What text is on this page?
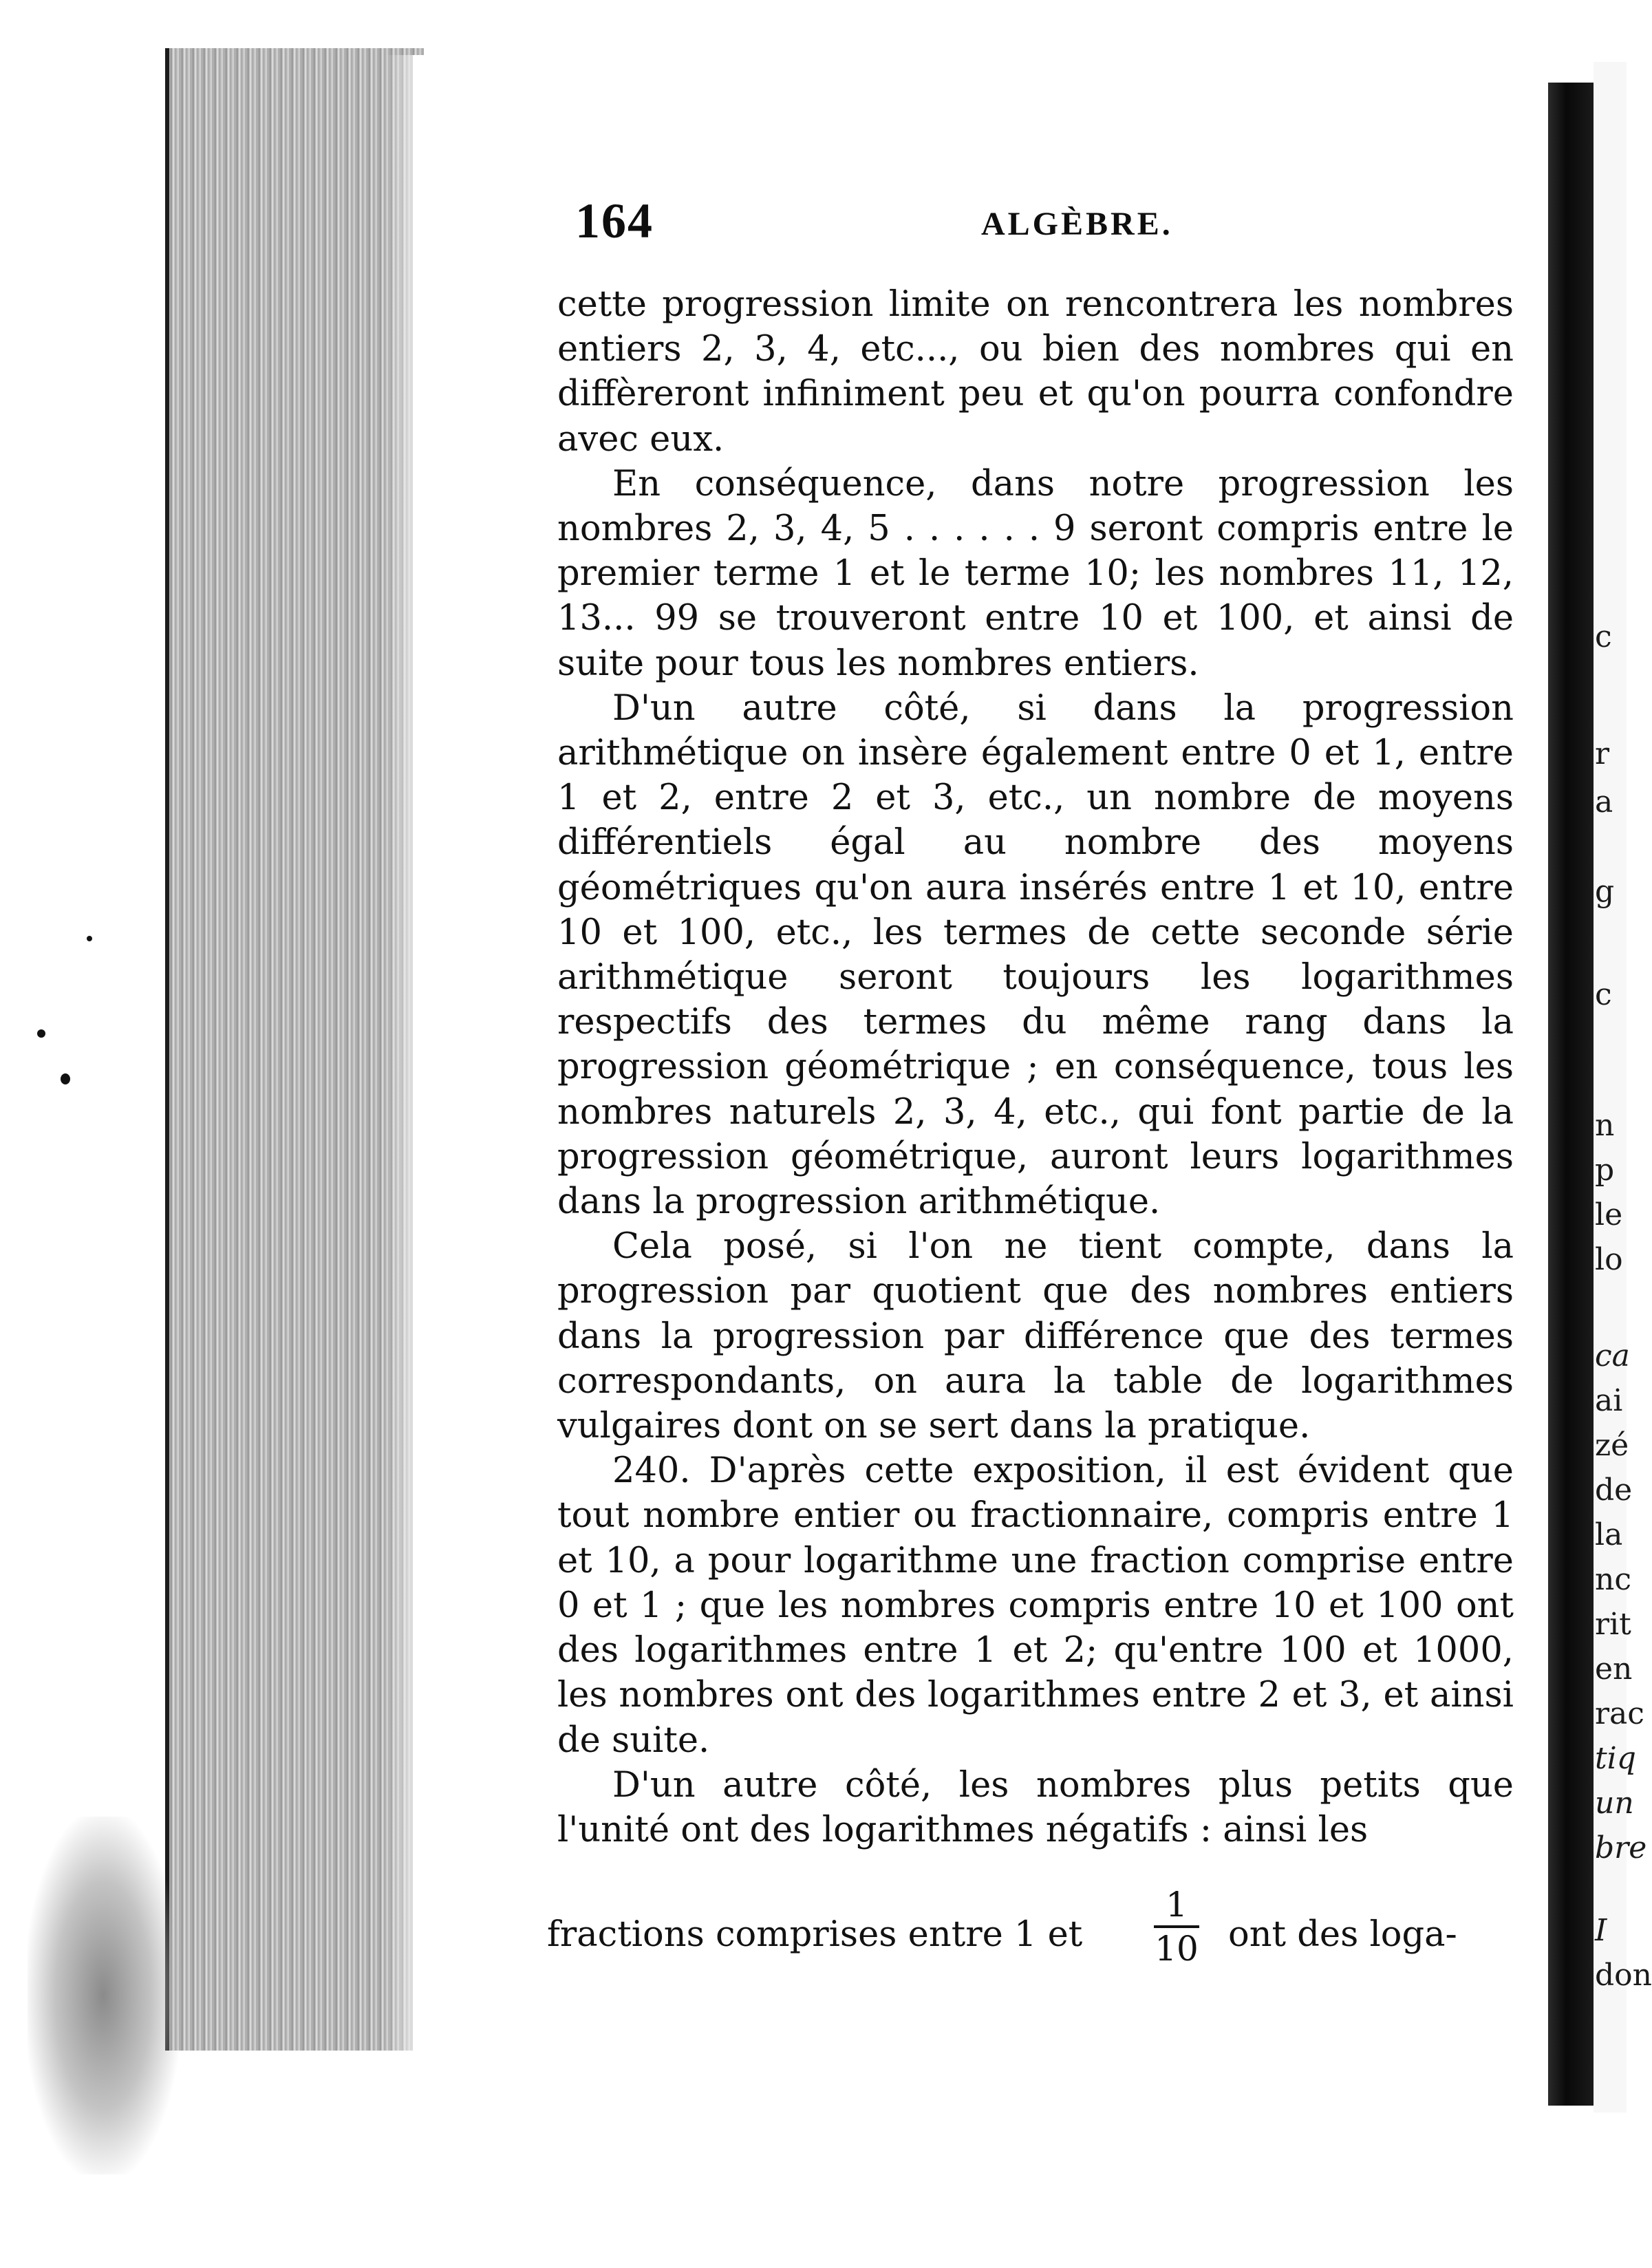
164	ALGÈBRE.

cette progression limite on rencontrera les nombres entiers 2, 3, 4, etc..., ou bien des nombres qui en diffèreront infiniment peu et qu'on pourra confondre avec eux.

En conséquence, dans notre progression les nombres 2, 3, 4, 5 . . . . . . 9 seront compris entre le premier terme 1 et le terme 10; les nombres 11, 12, 13... 99 se trouveront entre 10 et 100, et ainsi de suite pour tous les nombres entiers.

D'un autre côté, si dans la progression arithmétique on insère également entre 0 et 1, entre 1 et 2, entre 2 et 3, etc., un nombre de moyens différentiels égal au nombre des moyens géométriques qu'on aura insérés entre 1 et 10, entre 10 et 100, etc., les termes de cette seconde série arithmétique seront toujours les logarithmes respectifs des termes du même rang dans la progression géométrique ; en conséquence, tous les nombres naturels 2, 3, 4, etc., qui font partie de la progression géométrique, auront leurs logarithmes dans la progression arithmétique.

Cela posé, si l'on ne tient compte, dans la progression par quotient que des nombres entiers dans la progression par différence que des termes correspondants, on aura la table de logarithmes vulgaires dont on se sert dans la pratique.

240. D'après cette exposition, il est évident que tout nombre entier ou fractionnaire, compris entre 1 et 10, a pour logarithme une fraction comprise entre 0 et 1 ; que les nombres compris entre 10 et 100 ont des logarithmes entre 1 et 2; qu'entre 100 et 1000, les nombres ont des logarithmes entre 2 et 3, et ainsi de suite.

D'un autre côté, les nombres plus petits que l'unité ont des logarithmes négatifs : ainsi les

fractions comprises entre 1 et
1
10 ont des loga-
c
r
a
g
c
n
p
le
lo
ca
ai
zé
de
la
nc
rit
en
rac
tiq
un
bre
I
don
